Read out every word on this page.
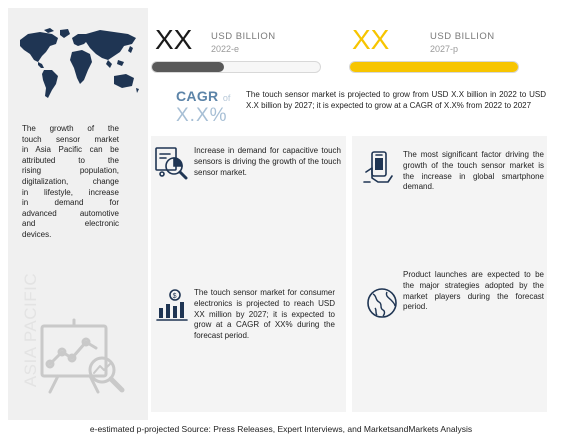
The growth of the
touch sensor market
in Asia Pacific can be
attributed to the
rising population,
digitalization, change
in lifestyle, increase
in demand for
advanced automotive
and electronic
devices.
ASIA PACIFIC
XX USD BILLION
2022-e	XX	USD BILLION
2027-p
CAGR of
X.X%
The touch sensor market is projected to grow from USD X.X billion in 2022 to USD X.X billion by 2027; it is expected to grow at a CAGR of X.X% from 2022 to 2027
Increase in demand for capacitive touch sensors is driving the growth of the touch sensor market.
The most significant factor driving the growth of the touch sensor market is the increase in global smartphone demand.
$ The touch sensor market for consumer electronics is projected to reach USD XX million by 2027; it is expected to grow at a CAGR of XX% during the forecast period.
Product launches are expected to be the major strategies adopted by the market players during the forecast period.
e-estimated p-projected Source: Press Releases, Expert Interviews, and MarketsandMarkets Analysis
